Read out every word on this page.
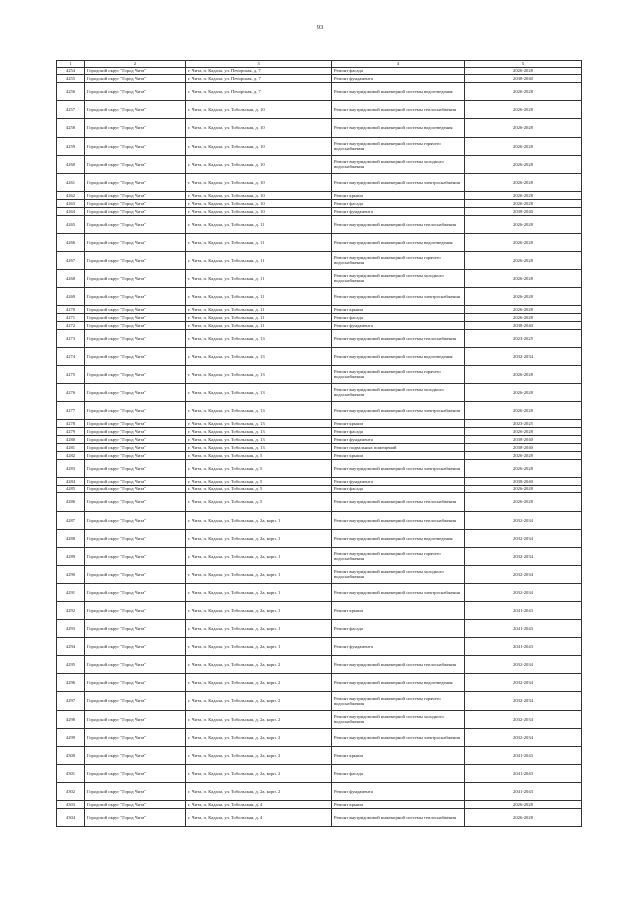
93
1	2	3	4	5
4254	Городской округ "Город Чита"	г. Чита, п. Кадала, ул. Печорская, д. 7	Ремонт фасада	2026-2028
4255	Городской округ "Город Чита"	г. Чита, п. Кадала, ул. Печорская, д. 7	Ремонт фундамента	2038-2040
4256	Городской округ "Город Чита"	г. Чита, п. Кадала, ул. Печорская, д. 7	Ремонт внутридомовой инженерной системы водоотведения	2026-2028
4257	Городской округ "Город Чита"	г. Чита, п. Кадала, ул. Тобольская, д. 10	Ремонт внутридомовой инженерной системы теплоснабжения	2026-2028
4258	Городской округ "Город Чита"	г. Чита, п. Кадала, ул. Тобольская, д. 10	Ремонт внутридомовой инженерной системы водоотведения	2026-2028
4259	Городской округ "Город Чита"	г. Чита, п. Кадала, ул. Тобольская, д. 10	Ремонт внутридомовой инженерной системы горячего водоснабжения	2026-2028
4260	Городской округ "Город Чита"	г. Чита, п. Кадала, ул. Тобольская, д. 10	Ремонт внутридомовой инженерной системы холодного водоснабжения	2026-2028
4261	Городской округ "Город Чита"	г. Чита, п. Кадала, ул. Тобольская, д. 10	Ремонт внутридомовой инженерной системы электроснабжения	2026-2028
4262	Городской округ "Город Чита"	г. Чита, п. Кадала, ул. Тобольская, д. 10	Ремонт крыши	2026-2028
4263	Городской округ "Город Чита"	г. Чита, п. Кадала, ул. Тобольская, д. 10	Ремонт фасада	2026-2028
4264	Городской округ "Город Чита"	г. Чита, п. Кадала, ул. Тобольская, д. 10	Ремонт фундамента	2038-2040
4265	Городской округ "Город Чита"	г. Чита, п. Кадала, ул. Тобольская, д. 11	Ремонт внутридомовой инженерной системы теплоснабжения	2026-2028
4266	Городской округ "Город Чита"	г. Чита, п. Кадала, ул. Тобольская, д. 11	Ремонт внутридомовой инженерной системы водоотведения	2026-2028
4267	Городской округ "Город Чита"	г. Чита, п. Кадала, ул. Тобольская, д. 11	Ремонт внутридомовой инженерной системы горячего водоснабжения	2026-2028
4268	Городской округ "Город Чита"	г. Чита, п. Кадала, ул. Тобольская, д. 11	Ремонт внутридомовой инженерной системы холодного водоснабжения	2026-2028
4269	Городской округ "Город Чита"	г. Чита, п. Кадала, ул. Тобольская, д. 11	Ремонт внутридомовой инженерной системы электроснабжения	2026-2028
4270	Городской округ "Город Чита"	г. Чита, п. Кадала, ул. Тобольская, д. 11	Ремонт крыши	2026-2028
4271	Городской округ "Город Чита"	г. Чита, п. Кадала, ул. Тобольская, д. 11	Ремонт фасада	2026-2028
4272	Городской округ "Город Чита"	г. Чита, п. Кадала, ул. Тобольская, д. 11	Ремонт фундамента	2038-2040
4273	Городской округ "Город Чита"	г. Чита, п. Кадала, ул. Тобольская, д. 13	Ремонт внутридомовой инженерной системы теплоснабжения	2023-2025
4274	Городской округ "Город Чита"	г. Чита, п. Кадала, ул. Тобольская, д. 13	Ремонт внутридомовой инженерной системы водоотведения	2032-2034
4275	Городской округ "Город Чита"	г. Чита, п. Кадала, ул. Тобольская, д. 13	Ремонт внутридомовой инженерной системы горячего водоснабжения	2026-2028
4276	Городской округ "Город Чита"	г. Чита, п. Кадала, ул. Тобольская, д. 13	Ремонт внутридомовой инженерной системы холодного водоснабжения	2026-2028
4277	Городской округ "Город Чита"	г. Чита, п. Кадала, ул. Тобольская, д. 13	Ремонт внутридомовой инженерной системы электроснабжения	2026-2028
4278	Городской округ "Город Чита"	г. Чита, п. Кадала, ул. Тобольская, д. 13	Ремонт крыши	2023-2025
4279	Городской округ "Город Чита"	г. Чита, п. Кадала, ул. Тобольская, д. 13	Ремонт фасада	2026-2028
4280	Городской округ "Город Чита"	г. Чита, п. Кадала, ул. Тобольская, д. 13	Ремонт фундамента	2038-2040
4281	Городской округ "Город Чита"	г. Чита, п. Кадала, ул. Тобольская, д. 13	Ремонт подвальных помещений	2038-2040
4282	Городской округ "Город Чита"	г. Чита, п. Кадала, ул. Тобольская, д. 5	Ремонт крыши	2026-2028
4283	Городской округ "Город Чита"	г. Чита, п. Кадала, ул. Тобольская, д. 5	Ремонт внутридомовой инженерной системы электроснабжения	2026-2028
4284	Городской округ "Город Чита"	г. Чита, п. Кадала, ул. Тобольская, д. 5	Ремонт фундамента	2038-2040
4285	Городской округ "Город Чита"	г. Чита, п. Кадала, ул. Тобольская, д. 5	Ремонт фасада	2026-2028
4286	Городской округ "Город Чита"	г. Чита, п. Кадала, ул. Тобольская, д. 5	Ремонт внутридомовой инженерной системы теплоснабжения	2026-2028
4287	Городской округ "Город Чита"	г. Чита, п. Кадала, ул. Тобольская, д. 2а, корп. 1	Ремонт внутридомовой инженерной системы теплоснабжения	2032-2034
4288	Городской округ "Город Чита"	г. Чита, п. Кадала, ул. Тобольская, д. 2а, корп. 1	Ремонт внутридомовой инженерной системы водоотведения	2032-2034
4289	Городской округ "Город Чита"	г. Чита, п. Кадала, ул. Тобольская, д. 2а, корп. 1	Ремонт внутридомовой инженерной системы горячего водоснабжения	2032-2034
4290	Городской округ "Город Чита"	г. Чита, п. Кадала, ул. Тобольская, д. 2а, корп. 1	Ремонт внутридомовой инженерной системы холодного водоснабжения	2032-2034
4291	Городской округ "Город Чита"	г. Чита, п. Кадала, ул. Тобольская, д. 2а, корп. 1	Ремонт внутридомовой инженерной системы электроснабжения	2032-2034
4292	Городской округ "Город Чита"	г. Чита, п. Кадала, ул. Тобольская, д. 2а, корп. 1	Ремонт крыши	2041-2043
4293	Городской округ "Город Чита"	г. Чита, п. Кадала, ул. Тобольская, д. 2а, корп. 1	Ремонт фасада	2041-2043
4294	Городской округ "Город Чита"	г. Чита, п. Кадала, ул. Тобольская, д. 2а, корп. 1	Ремонт фундамента	2041-2043
4295	Городской округ "Город Чита"	г. Чита, п. Кадала, ул. Тобольская, д. 2а, корп. 2	Ремонт внутридомовой инженерной системы теплоснабжения	2032-2034
4296	Городской округ "Город Чита"	г. Чита, п. Кадала, ул. Тобольская, д. 2а, корп. 2	Ремонт внутридомовой инженерной системы водоотведения	2032-2034
4297	Городской округ "Город Чита"	г. Чита, п. Кадала, ул. Тобольская, д. 2а, корп. 2	Ремонт внутридомовой инженерной системы горячего водоснабжения	2032-2034
4298	Городской округ "Город Чита"	г. Чита, п. Кадала, ул. Тобольская, д. 2а, корп. 2	Ремонт внутридомовой инженерной системы холодного водоснабжения	2032-2034
4299	Городской округ "Город Чита"	г. Чита, п. Кадала, ул. Тобольская, д. 2а, корп. 2	Ремонт внутридомовой инженерной системы электроснабжения	2032-2034
4300	Городской округ "Город Чита"	г. Чита, п. Кадала, ул. Тобольская, д. 2а, корп. 2	Ремонт крыши	2041-2043
4301	Городской округ "Город Чита"	г. Чита, п. Кадала, ул. Тобольская, д. 2а, корп. 2	Ремонт фасада	2041-2043
4302	Городской округ "Город Чита"	г. Чита, п. Кадала, ул. Тобольская, д. 2а, корп. 2	Ремонт фундамента	2041-2043
4303	Городской округ "Город Чита"	г. Чита, п. Кадала, ул. Тобольская, д. 4	Ремонт крыши	2026-2028
4304	Городской округ "Город Чита"	г. Чита, п. Кадала, ул. Тобольская, д. 4	Ремонт внутридомовой инженерной системы теплоснабжения	2026-2028
